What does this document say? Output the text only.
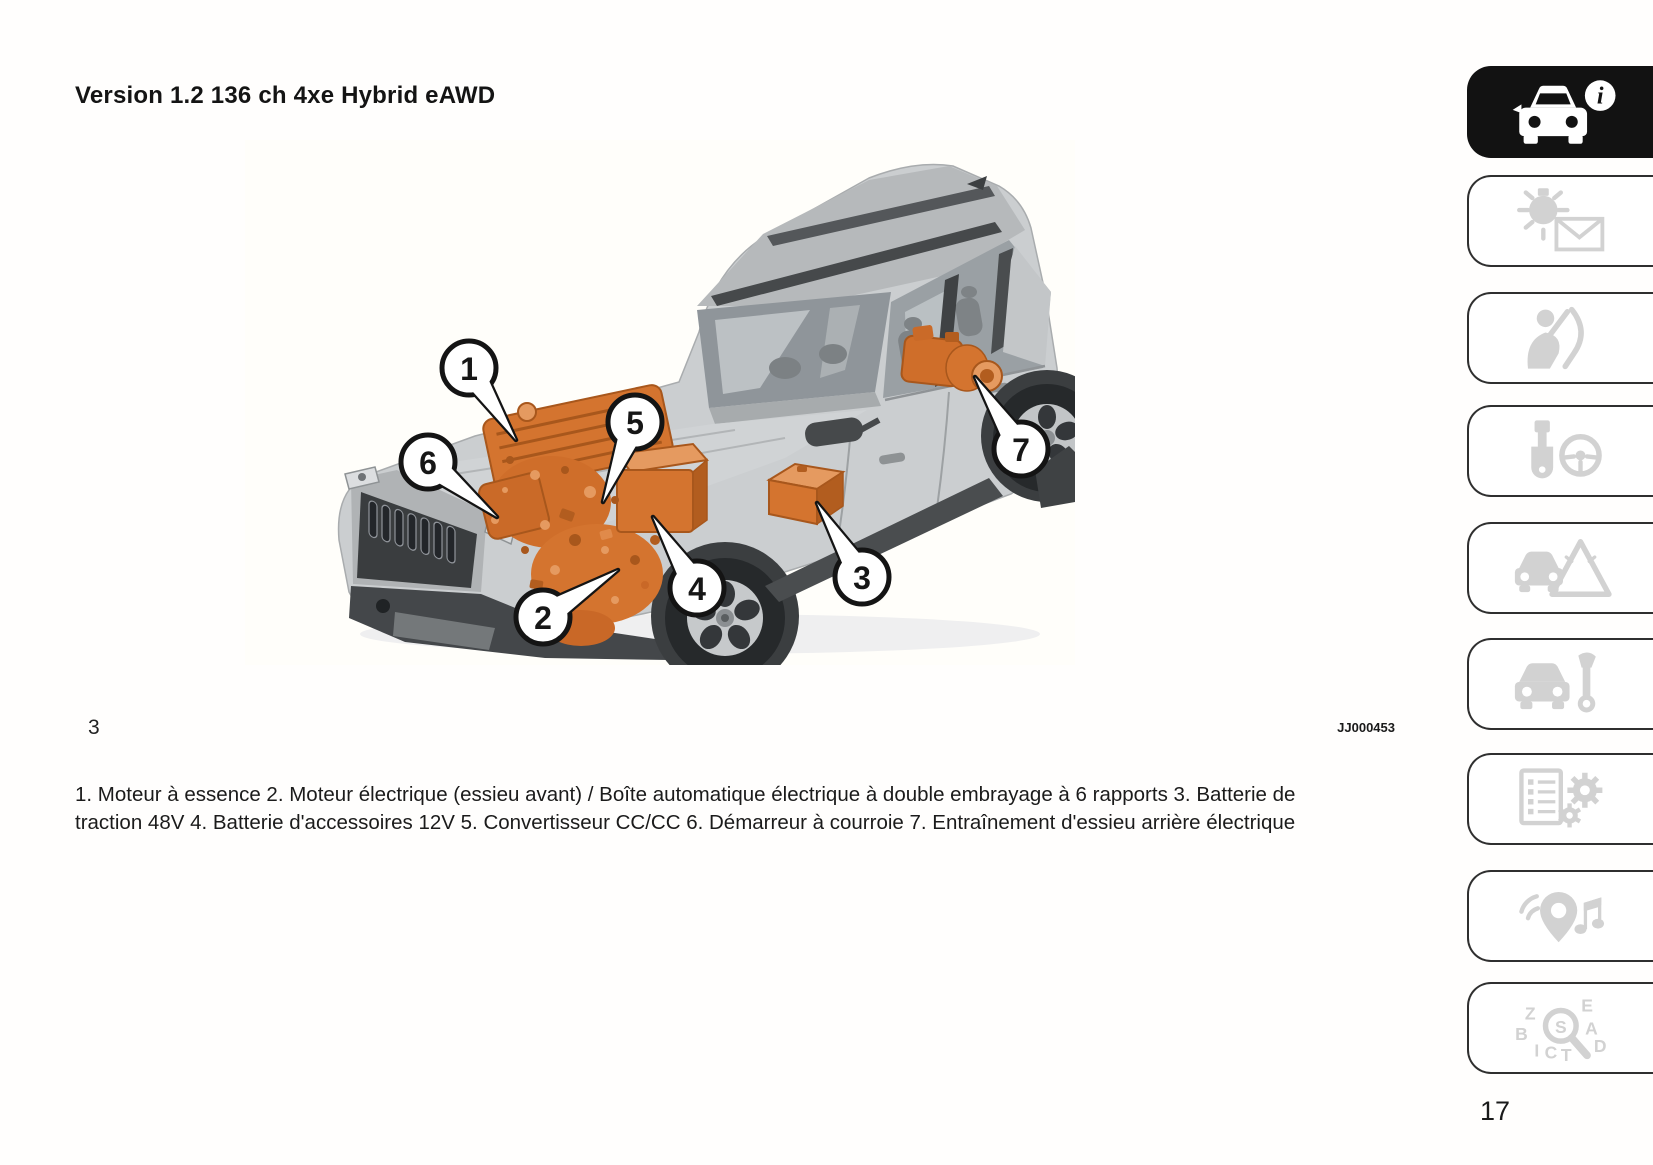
Version 1.2 136 ch 4xe Hybrid eAWD
1
5
6
2
4	3
7
3	JJ000453

1. Moteur à essence 2. Moteur électrique (essieu avant) / Boîte automatique électrique à double embrayage à 6 rapports 3. Batterie de traction 48V 4. Batterie d'accessoires 12V 5. Convertisseur CC/CC 6. Démarreur à courroie 7. Entraînement d'essieu arrière électrique

i
Z	E
B	A
I C T D
S
17
